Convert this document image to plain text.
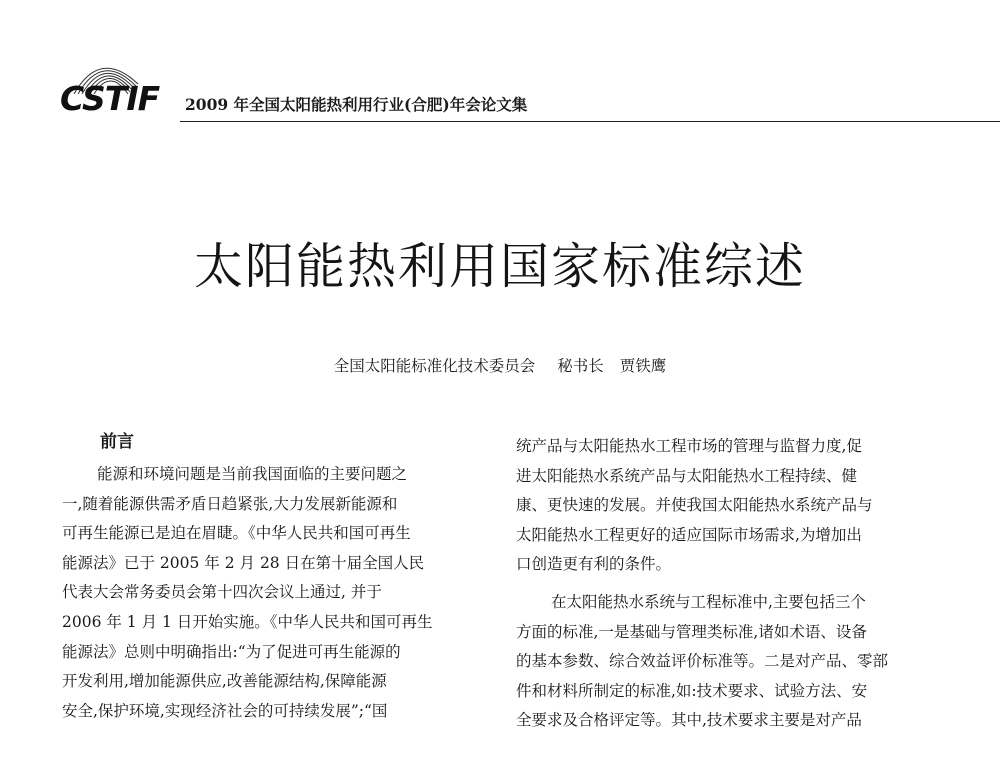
CSTIF 2009 年全国太阳能热利用行业(合肥)年会论文集
太阳能热利用国家标准综述
全国太阳能标准化技术委员会 秘书长 贾铁鹰
前言
能源和环境问题是当前我国面临的主要问题之
一,随着能源供需矛盾日趋紧张,大力发展新能源和
可再生能源已是迫在眉睫。《中华人民共和国可再生
能源法》已于 2005 年 2 月 28 日在第十届全国人民
代表大会常务委员会第十四次会议上通过, 并于
2006 年 1 月 1 日开始实施。《中华人民共和国可再生
能源法》总则中明确指出:“为了促进可再生能源的
开发利用,增加能源供应,改善能源结构,保障能源
安全,保护环境,实现经济社会的可持续发展”;“国
统产品与太阳能热水工程市场的管理与监督力度,促
进太阳能热水系统产品与太阳能热水工程持续、健
康、更快速的发展。并使我国太阳能热水系统产品与
太阳能热水工程更好的适应国际市场需求,为增加出
口创造更有利的条件。
在太阳能热水系统与工程标准中,主要包括三个
方面的标准,一是基础与管理类标准,诸如术语、设备
的基本参数、综合效益评价标准等。二是对产品、零部
件和材料所制定的标准,如:技术要求、试验方法、安
全要求及合格评定等。其中,技术要求主要是对产品
